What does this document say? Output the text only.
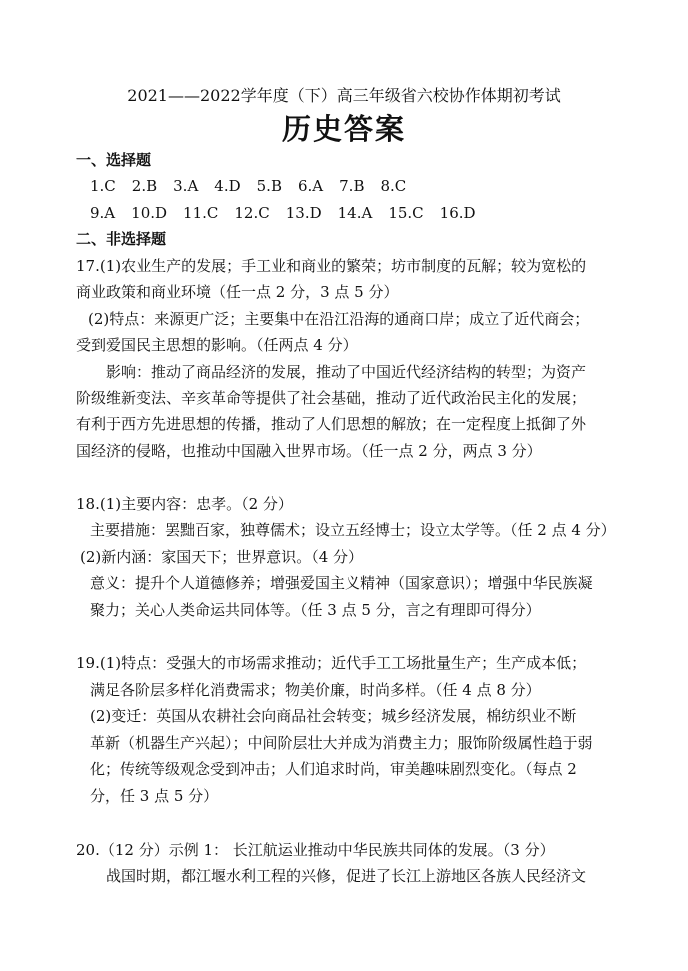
2021——2022学年度（下）高三年级省六校协作体期初考试
历史答案
一、选择题
1.C 2.B 3.A 4.D 5.B 6.A 7.B 8.C
9.A 10.D 11.C 12.C 13.D 14.A 15.C 16.D
二、非选择题
17.(1)农业生产的发展；手工业和商业的繁荣；坊市制度的瓦解；较为宽松的
商业政策和商业环境（任一点 2 分，3 点 5 分）
(2)特点：来源更广泛；主要集中在沿江沿海的通商口岸；成立了近代商会；
受到爱国民主思想的影响。（任两点 4 分）
影响：推动了商品经济的发展，推动了中国近代经济结构的转型；为资产
阶级维新变法、辛亥革命等提供了社会基础，推动了近代政治民主化的发展；
有利于西方先进思想的传播，推动了人们思想的解放；在一定程度上抵御了外
国经济的侵略，也推动中国融入世界市场。（任一点 2 分，两点 3 分）
18.(1)主要内容：忠孝。（2 分）
主要措施：罢黜百家，独尊儒术；设立五经博士；设立太学等。（任 2 点 4 分）
(2)新内涵：家国天下；世界意识。（4 分）
意义：提升个人道德修养；增强爱国主义精神（国家意识）；增强中华民族凝
聚力；关心人类命运共同体等。（任 3 点 5 分，言之有理即可得分）
19.(1)特点：受强大的市场需求推动；近代手工工场批量生产；生产成本低；
满足各阶层多样化消费需求；物美价廉，时尚多样。（任 4 点 8 分）
(2)变迁：英国从农耕社会向商品社会转变；城乡经济发展，棉纺织业不断
革新（机器生产兴起）；中间阶层壮大并成为消费主力；服饰阶级属性趋于弱
化；传统等级观念受到冲击；人们追求时尚，审美趣味剧烈变化。（每点 2
分，任 3 点 5 分）
20.（12 分）示例 1： 长江航运业推动中华民族共同体的发展。（3 分）
战国时期，都江堰水利工程的兴修，促进了长江上游地区各族人民经济文
